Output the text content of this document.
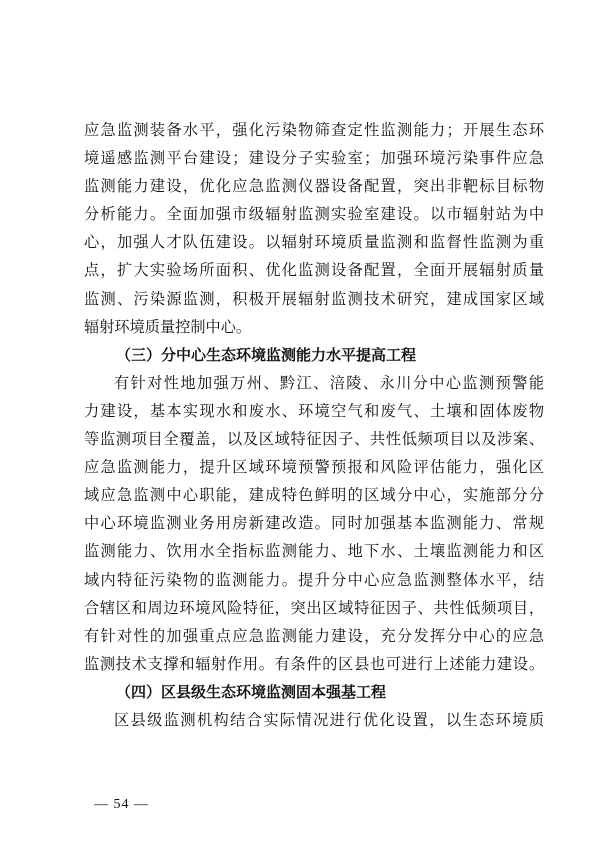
应急监测装备水平，强化污染物筛查定性监测能力；开展生态环
境遥感监测平台建设；建设分子实验室；加强环境污染事件应急
监测能力建设，优化应急监测仪器设备配置，突出非靶标目标物
分析能力。全面加强市级辐射监测实验室建设。以市辐射站为中
心，加强人才队伍建设。以辐射环境质量监测和监督性监测为重
点，扩大实验场所面积、优化监测设备配置，全面开展辐射质量
监测、污染源监测，积极开展辐射监测技术研究，建成国家区域
辐射环境质量控制中心。
（三）分中心生态环境监测能力水平提高工程
有针对性地加强万州、黔江、涪陵、永川分中心监测预警能
力建设，基本实现水和废水、环境空气和废气、土壤和固体废物
等监测项目全覆盖，以及区域特征因子、共性低频项目以及涉案、
应急监测能力，提升区域环境预警预报和风险评估能力，强化区
域应急监测中心职能，建成特色鲜明的区域分中心，实施部分分
中心环境监测业务用房新建改造。同时加强基本监测能力、常规
监测能力、饮用水全指标监测能力、地下水、土壤监测能力和区
域内特征污染物的监测能力。提升分中心应急监测整体水平，结
合辖区和周边环境风险特征，突出区域特征因子、共性低频项目，
有针对性的加强重点应急监测能力建设，充分发挥分中心的应急
监测技术支撑和辐射作用。有条件的区县也可进行上述能力建设。
（四）区县级生态环境监测固本强基工程
区县级监测机构结合实际情况进行优化设置，以生态环境质
— 54 —
